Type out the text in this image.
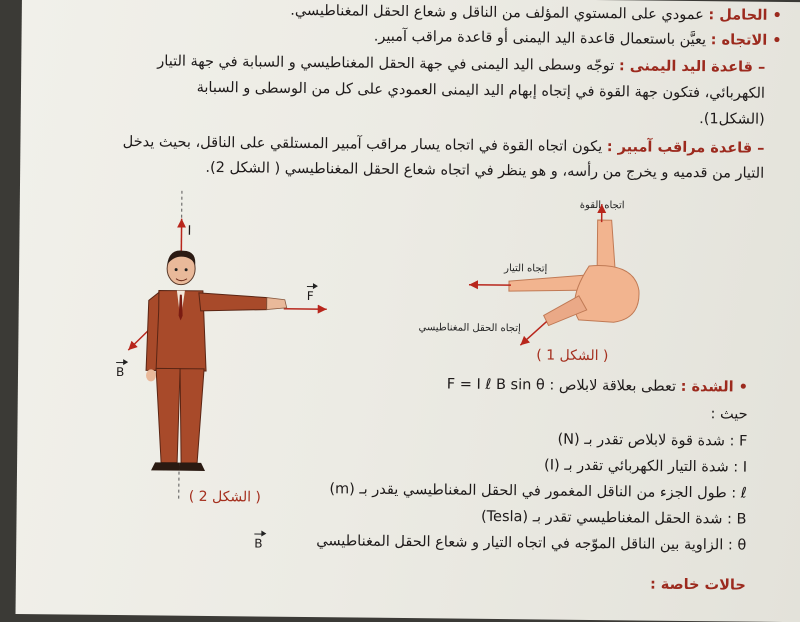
• الحامل : عمودي على المستوي المؤلف من الناقل و شعاع الحقل المغناطيسي.
• الاتجاه : يعيَّن باستعمال قاعدة اليد اليمنى أو قاعدة مراقب آمبير.
– قاعدة اليد اليمنى : توجّه وسطى اليد اليمنى في جهة الحقل المغناطيسي و السبابة في جهة التيار
الكهربائي، فتكون جهة القوة في إتجاه إبهام اليد اليمنى العمودي على كل من الوسطى و السبابة
(الشكل1).
– قاعدة مراقب آمبير : يكون اتجاه القوة في اتجاه يسار مراقب آمبير المستلقي على الناقل، بحيث يدخل
التيار من قدميه و يخرج من رأسه، و هو ينظر في اتجاه شعاع الحقل المغناطيسي ( الشكل 2).
I
F
B
( الشكل 2 )
اتجاه القوة
إتجاه التيار
إتجاه الحقل المغناطيسي
( الشكل 1 )
• الشدة : تعطى بعلاقة لابلاص : F = I ℓ B sin θ
حيث :
F : شدة قوة لابلاص تقدر بـ (N)
I : شدة التيار الكهربائي تقدر بـ (I)
ℓ : طول الجزء من الناقل المغمور في الحقل المغناطيسي يقدر بـ (m)
B : شدة الحقل المغناطيسي تقدر بـ (Tesla)
θ : الزاوية بين الناقل الموّجه في اتجاه التيار و شعاع الحقل المغناطيسي
B
حالات خاصة :
